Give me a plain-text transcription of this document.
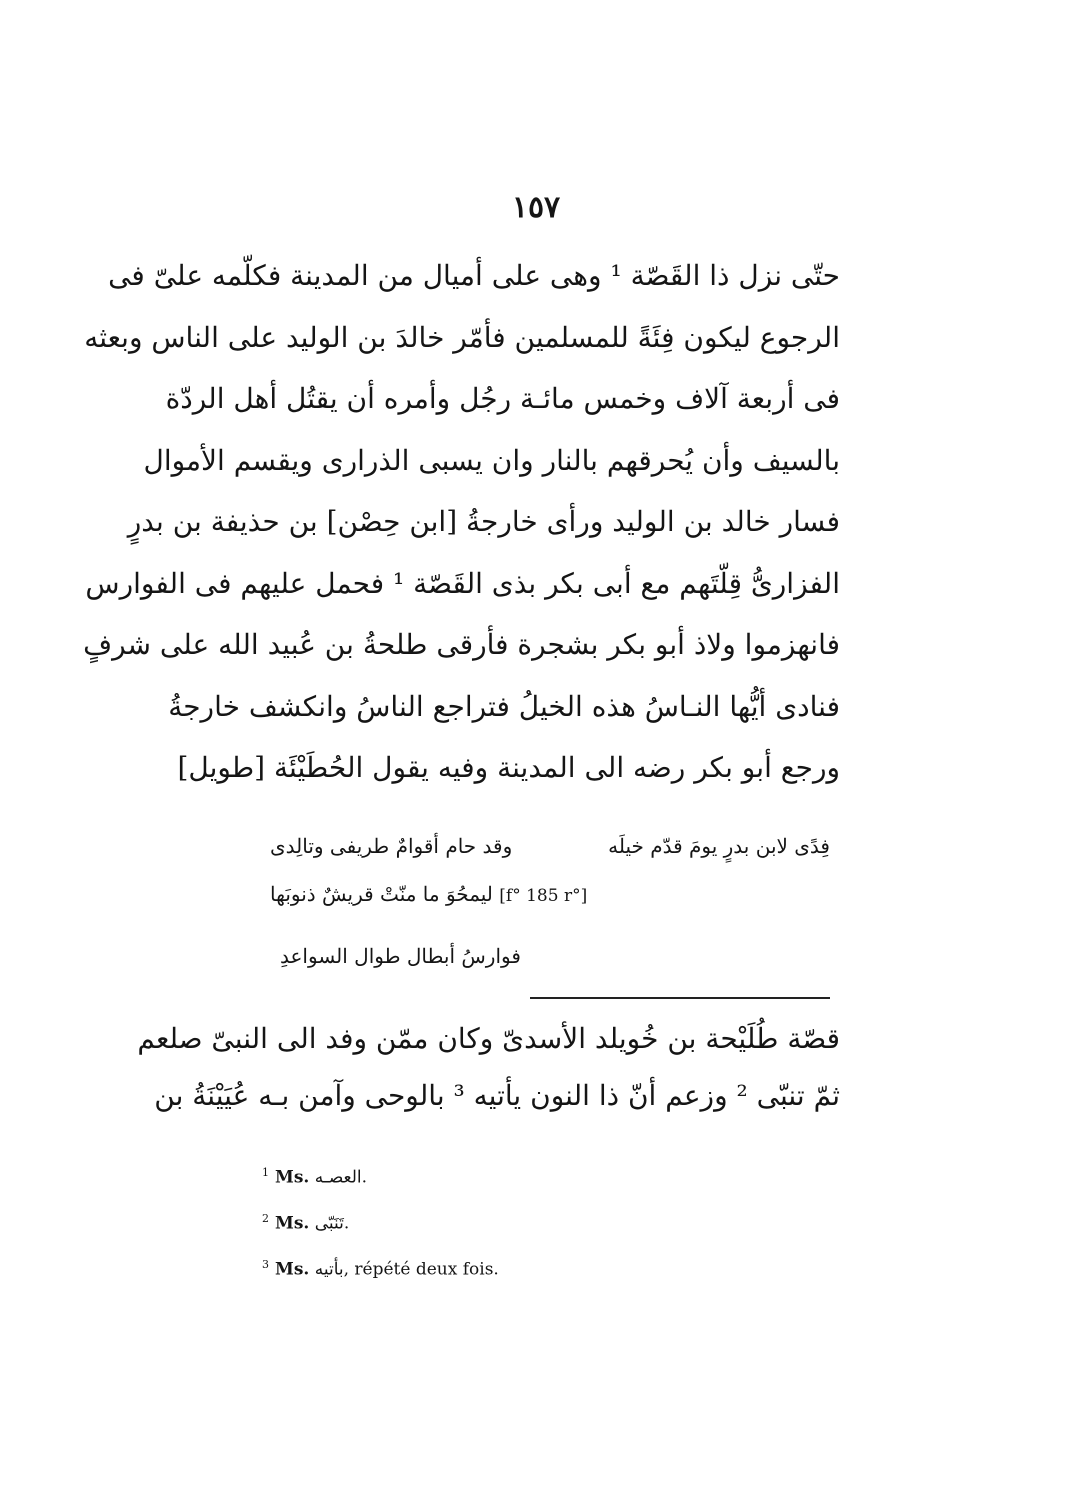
١٥٧
حتّى نزل ذا القَصّة ¹ وهى على أميال من المدينة فكلّمه علىّ فى
الرجوع ليكون فِئَةً للمسلمين فأمّر خالدَ بن الوليد على الناس وبعثه
فى أربعة آلاف وخمس مائـة رجُل وأمره أن يقتُل أهل الردّة
بالسيف وأن يُحرقهم بالنار وان يسبى الذرارى ويقسم الأموال
فسار خالد بن الوليد ورأى خارجةُ [ابن حِصْن] بن حذيفة بن بدرٍ
الفزارىُّ قِلّتَهم مع أبى بكر بذى القَصّة ¹ فحمل عليهم فى الفوارس
فانهزموا ولاذ أبو بكر بشجرة فأرقى طلحةُ بن عُبيد الله على شرفٍ
فنادى أيُّها النـاسُ هذه الخيلُ فتراجع الناسُ وانكشف خارجةُ
ورجع أبو بكر رضه الى المدينة وفيه يقول الحُطَيْئَة [طويل]
فِدًى لابن بدرٍ يومَ قدّم خيلَه
وقد حام أقوامٌ طريفى وتالِدى
[f° 185 r°] ليمحُوَ ما منّتْ قريشٌ ذنوبَها
فوارسُ أبطال طوال السواعدِ
قصّة طُلَيْحة بن خُويلد الأسدىّ وكان ممّن وفد الى النبىّ صلعم
ثمّ تنبّى ² وزعم أنّ ذا النون يأتيه ³ بالوحى وآمن بـه عُيَيْنَةُ بن
$^1$ Ms. العصـه.
$^2$ Ms. تَنَبّى.
$^3$ Ms. بأتيه, répété deux fois.
